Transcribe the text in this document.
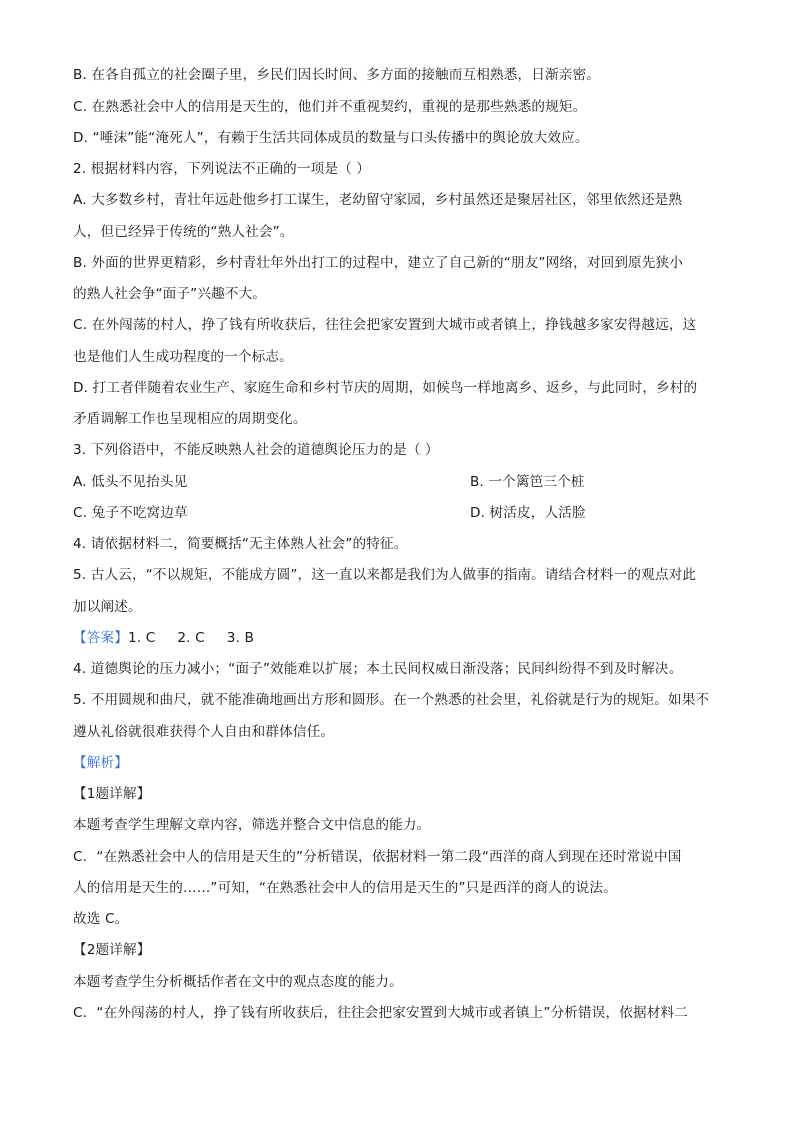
B. 在各自孤立的社会圈子里，乡民们因长时间、多方面的接触而互相熟悉，日渐亲密。
C. 在熟悉社会中人的信用是天生的，他们并不重视契约，重视的是那些熟悉的规矩。
D. “唾沫”能“淹死人”，有赖于生活共同体成员的数量与口头传播中的舆论放大效应。
2. 根据材料内容，下列说法不正确的一项是（ ）
A. 大多数乡村，青壮年远赴他乡打工谋生，老幼留守家园，乡村虽然还是聚居社区，邻里依然还是熟
人，但已经异于传统的“熟人社会”。
B. 外面的世界更精彩，乡村青壮年外出打工的过程中，建立了自己新的“朋友”网络，对回到原先狭小
的熟人社会争“面子”兴趣不大。
C. 在外闯荡的村人，挣了钱有所收获后，往往会把家安置到大城市或者镇上，挣钱越多家安得越远，这
也是他们人生成功程度的一个标志。
D. 打工者伴随着农业生产、家庭生命和乡村节庆的周期，如候鸟一样地离乡、返乡，与此同时，乡村的
矛盾调解工作也呈现相应的周期变化。
3. 下列俗语中，不能反映熟人社会的道德舆论压力的是（ ）
A. 低头不见抬头见	B. 一个篱笆三个桩
C. 兔子不吃窝边草	D. 树活皮，人活脸
4. 请依据材料二，简要概括“无主体熟人社会”的特征。
5. 古人云，“不以规矩，不能成方圆”，这一直以来都是我们为人做事的指南。请结合材料一的观点对此
加以阐述。
【答案】1. C 2. C 3. B
4. 道德舆论的压力减小；“面子”效能难以扩展；本土民间权威日渐没落；民间纠纷得不到及时解决。
5. 不用圆规和曲尺，就不能准确地画出方形和圆形。在一个熟悉的社会里，礼俗就是行为的规矩。如果不
遵从礼俗就很难获得个人自由和群体信任。
【解析】
【1题详解】
本题考查学生理解文章内容，筛选并整合文中信息的能力。
C．“在熟悉社会中人的信用是天生的”分析错误，依据材料一第二段“西洋的商人到现在还时常说中国
人的信用是天生的……”可知，“在熟悉社会中人的信用是天生的”只是西洋的商人的说法。
故选 C。
【2题详解】
本题考查学生分析概括作者在文中的观点态度的能力。
C．“在外闯荡的村人，挣了钱有所收获后，往往会把家安置到大城市或者镇上”分析错误，依据材料二
